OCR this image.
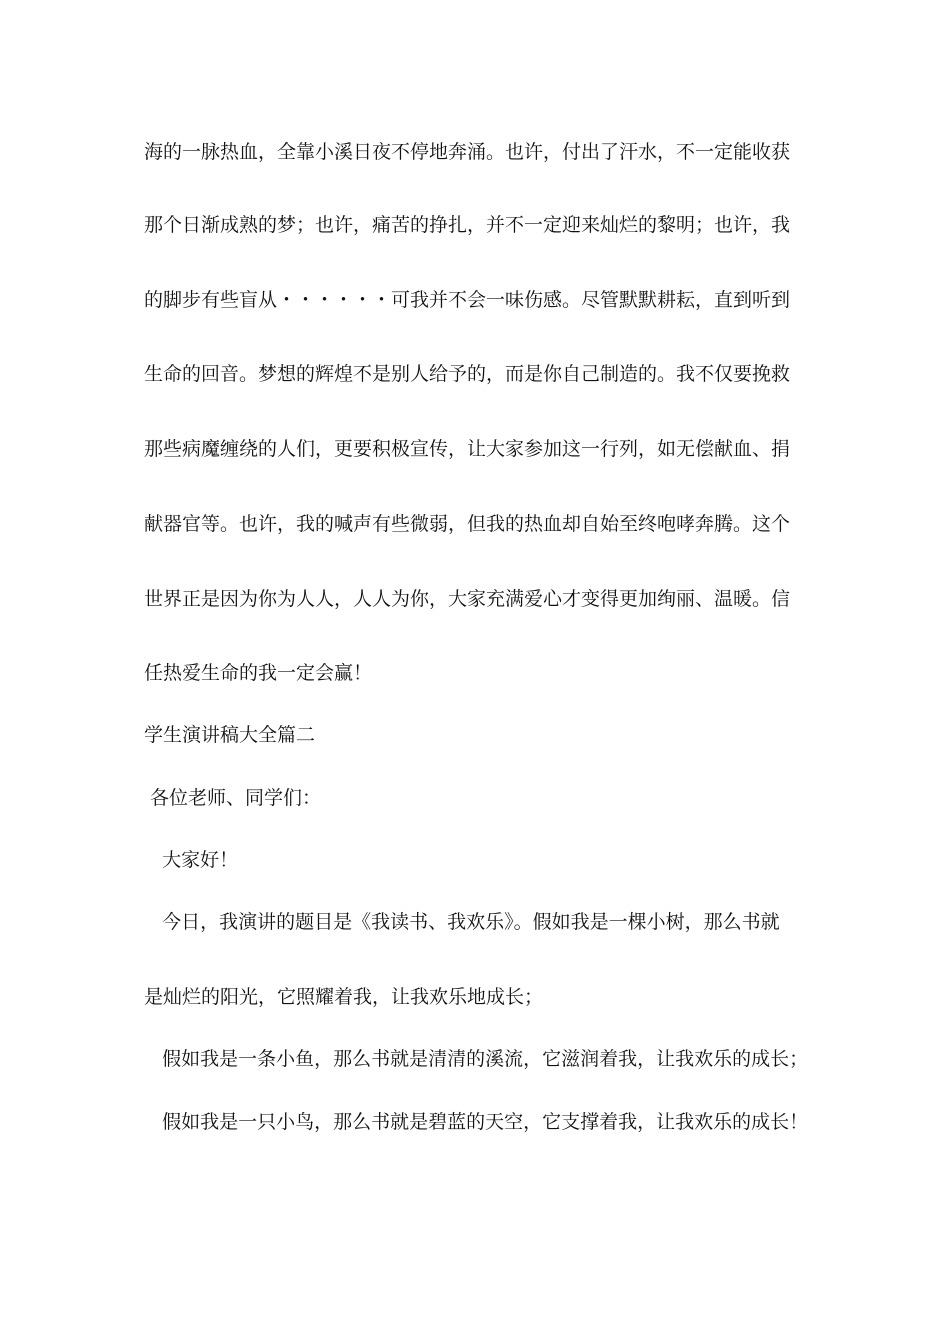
海的一脉热血，全靠小溪日夜不停地奔涌。也许，付出了汗水，不一定能收获
那个日渐成熟的梦；也许，痛苦的挣扎，并不一定迎来灿烂的黎明；也许，我
的脚步有些盲从・・・・・・可我并不会一味伤感。尽管默默耕耘，直到听到
生命的回音。梦想的辉煌不是别人给予的，而是你自己制造的。我不仅要挽救
那些病魔缠绕的人们，更要积极宣传，让大家参加这一行列，如无偿献血、捐
献器官等。也许，我的喊声有些微弱，但我的热血却自始至终咆哮奔腾。这个
世界正是因为你为人人，人人为你，大家充满爱心才变得更加绚丽、温暖。信
任热爱生命的我一定会赢！
学生演讲稿大全篇二
各位老师、同学们：
大家好！
今日，我演讲的题目是《我读书、我欢乐》。假如我是一棵小树，那么书就
是灿烂的阳光，它照耀着我，让我欢乐地成长；
假如我是一条小鱼，那么书就是清清的溪流，它滋润着我，让我欢乐的成长；
假如我是一只小鸟，那么书就是碧蓝的天空，它支撑着我，让我欢乐的成长！
